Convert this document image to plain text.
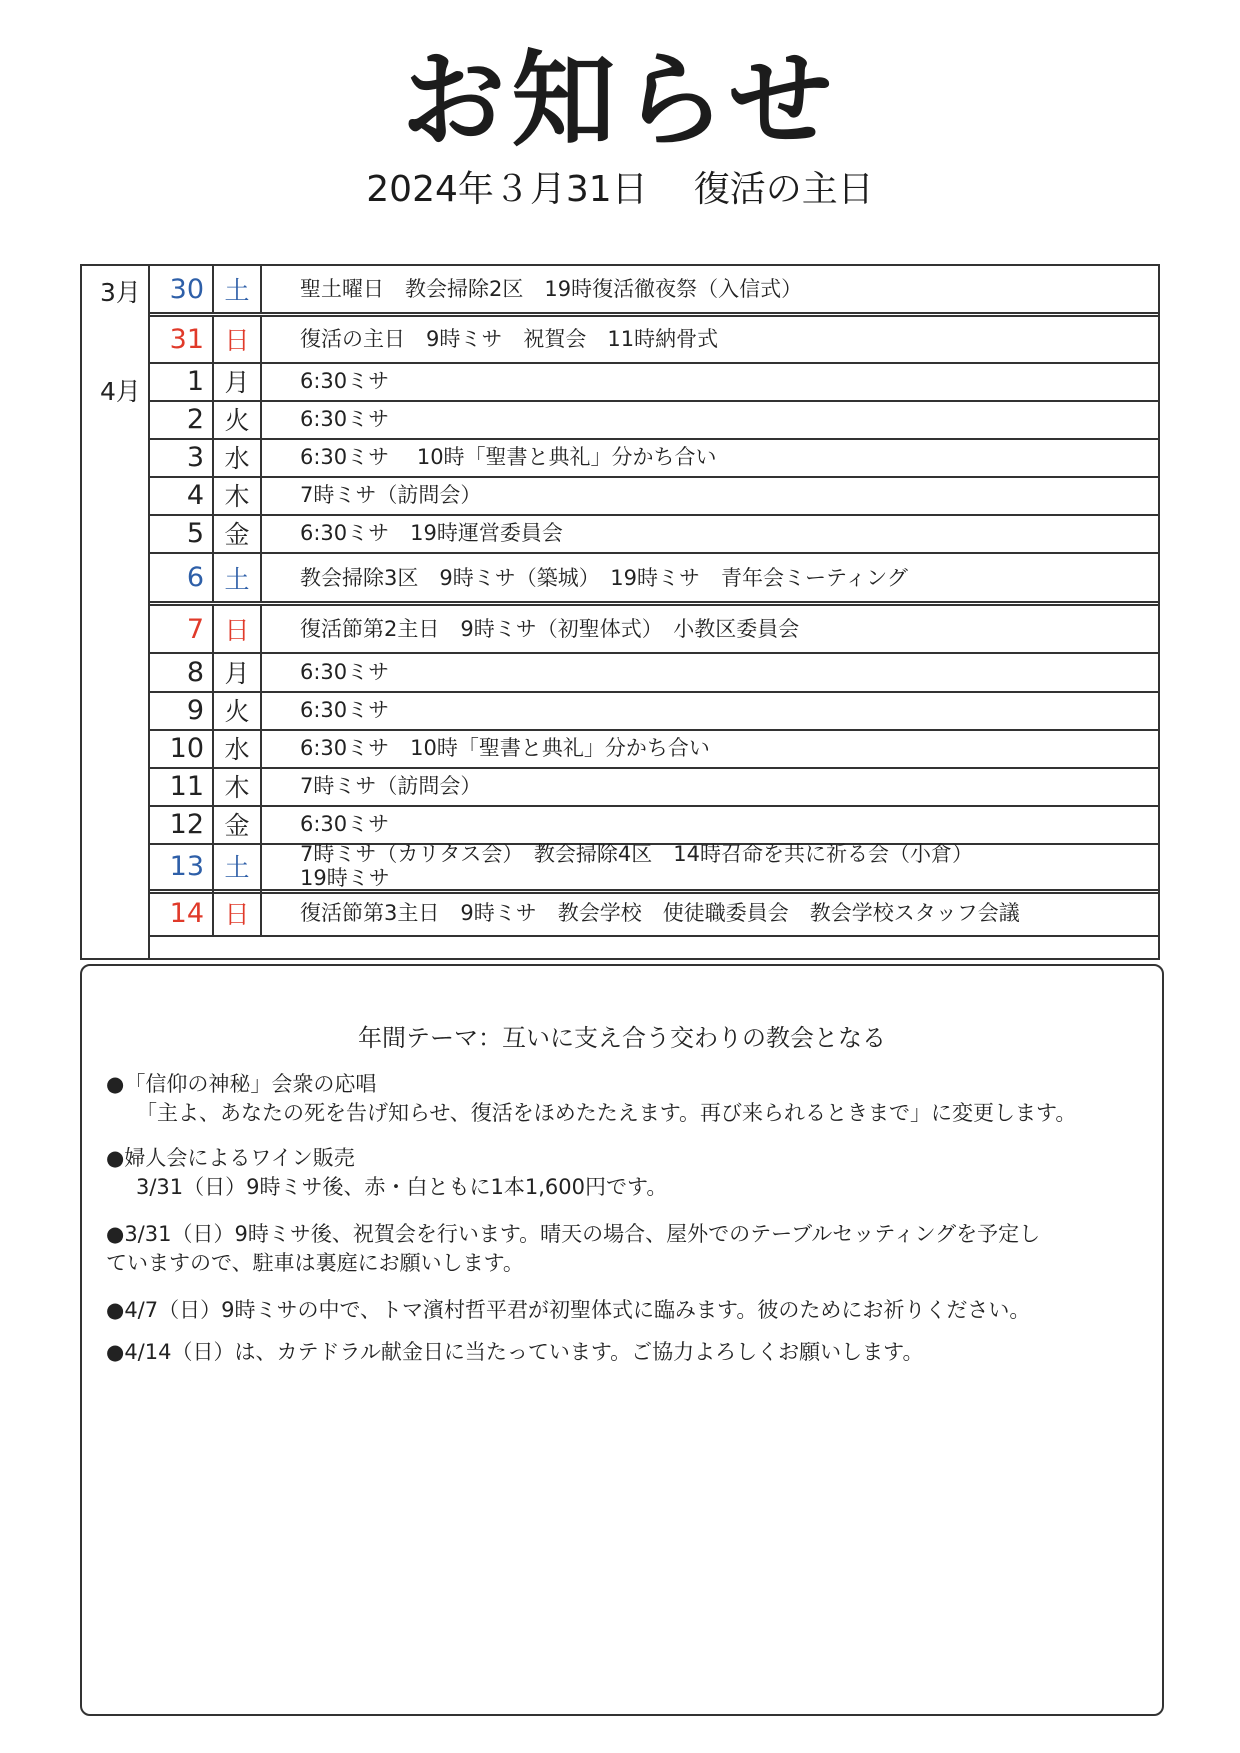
お知らせ
2024年３月31日 復活の主日
3月
4月
30 土	聖土曜日　教会掃除2区　19時復活徹夜祭（入信式）
31 日	復活の主日　9時ミサ　祝賀会　11時納骨式
1 月	6:30ミサ
2 火	6:30ミサ
3 水	6:30ミサ　 10時「聖書と典礼」分かち合い
4 木	7時ミサ（訪問会）
5 金	6:30ミサ　19時運営委員会
6 土	教会掃除3区　9時ミサ（築城）　19時ミサ　青年会ミーティング
7 日	復活節第2主日　9時ミサ（初聖体式）　小教区委員会
8 月	6:30ミサ
9 火	6:30ミサ
10 水	6:30ミサ　10時「聖書と典礼」分かち合い
11 木	7時ミサ（訪問会）
12 金	6:30ミサ
13 土	7時ミサ（カリタス会）　教会掃除4区　14時召命を共に祈る会（小倉）
19時ミサ
14 日	復活節第3主日　9時ミサ　教会学校　使徒職委員会　教会学校スタッフ会議
年間テーマ：互いに支え合う交わりの教会となる
●「信仰の神秘」会衆の応唱
「主よ、あなたの死を告げ知らせ、復活をほめたたえます。再び来られるときまで」に変更します。
●婦人会によるワイン販売
3/31（日）9時ミサ後、赤・白ともに1本1,600円です。
●3/31（日）9時ミサ後、祝賀会を行います。晴天の場合、屋外でのテーブルセッティングを予定し
ていますので、駐車は裏庭にお願いします。
●4/7（日）9時ミサの中で、トマ濱村哲平君が初聖体式に臨みます。彼のためにお祈りください。
●4/14（日）は、カテドラル献金日に当たっています。ご協力よろしくお願いします。
